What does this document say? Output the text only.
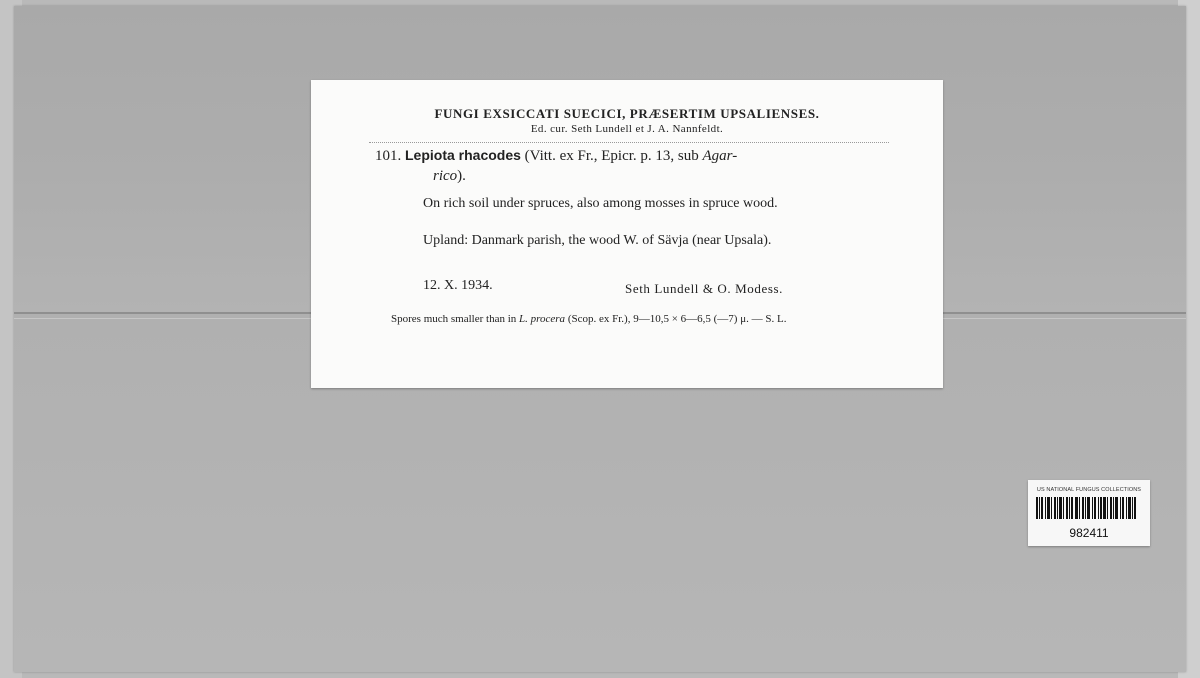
FUNGI EXSICCATI SUECICI, PRÆSERTIM UPSALIENSES.
Ed. cur. Seth Lundell et J. A. Nannfeldt.
101. Lepiota rhacodes (Vitt. ex Fr., Epicr. p. 13, sub Agar-
rico).
On rich soil under spruces, also among mosses in spruce wood.
Upland: Danmark parish, the wood W. of Sävja (near Upsala).
12. X. 1934.	Seth Lundell & O. Modess.
Spores much smaller than in L. procera (Scop. ex Fr.), 9—10,5 × 6—6,5 (—7) μ. — S. L.
US NATIONAL FUNGUS COLLECTIONS
982411
